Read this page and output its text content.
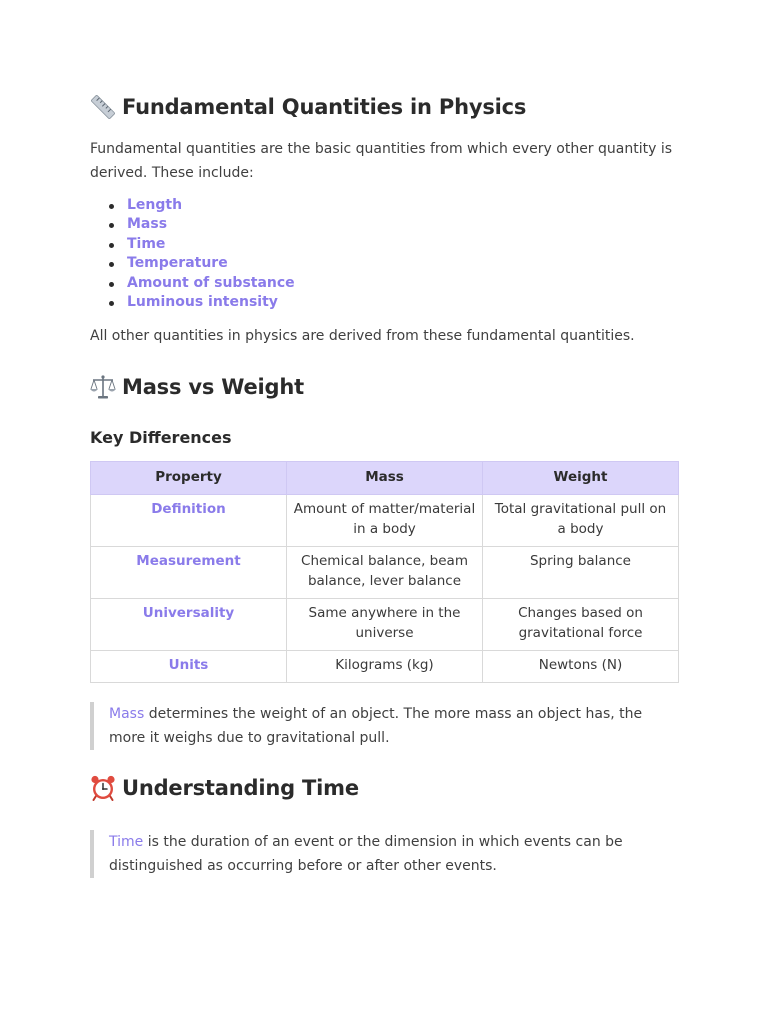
Fundamental Quantities in Physics

Fundamental quantities are the basic quantities from which every other quantity is derived. These include:

Length
Mass
Time
Temperature
Amount of substance
Luminous intensity

All other quantities in physics are derived from these fundamental quantities.

Mass vs Weight
Key Differences
Property	Mass	Weight
Definition	Amount of matter/material in a body	Total gravitational pull on a body
Measurement	Chemical balance, beam balance, lever balance	Spring balance
Universality	Same anywhere in the universe	Changes based on gravitational force
Units	Kilograms (kg)	Newtons (N)
Mass determines the weight of an object. The more mass an object has, the more it weighs due to gravitational pull.
Understanding Time
Time is the duration of an event or the dimension in which events can be distinguished as occurring before or after other events.
